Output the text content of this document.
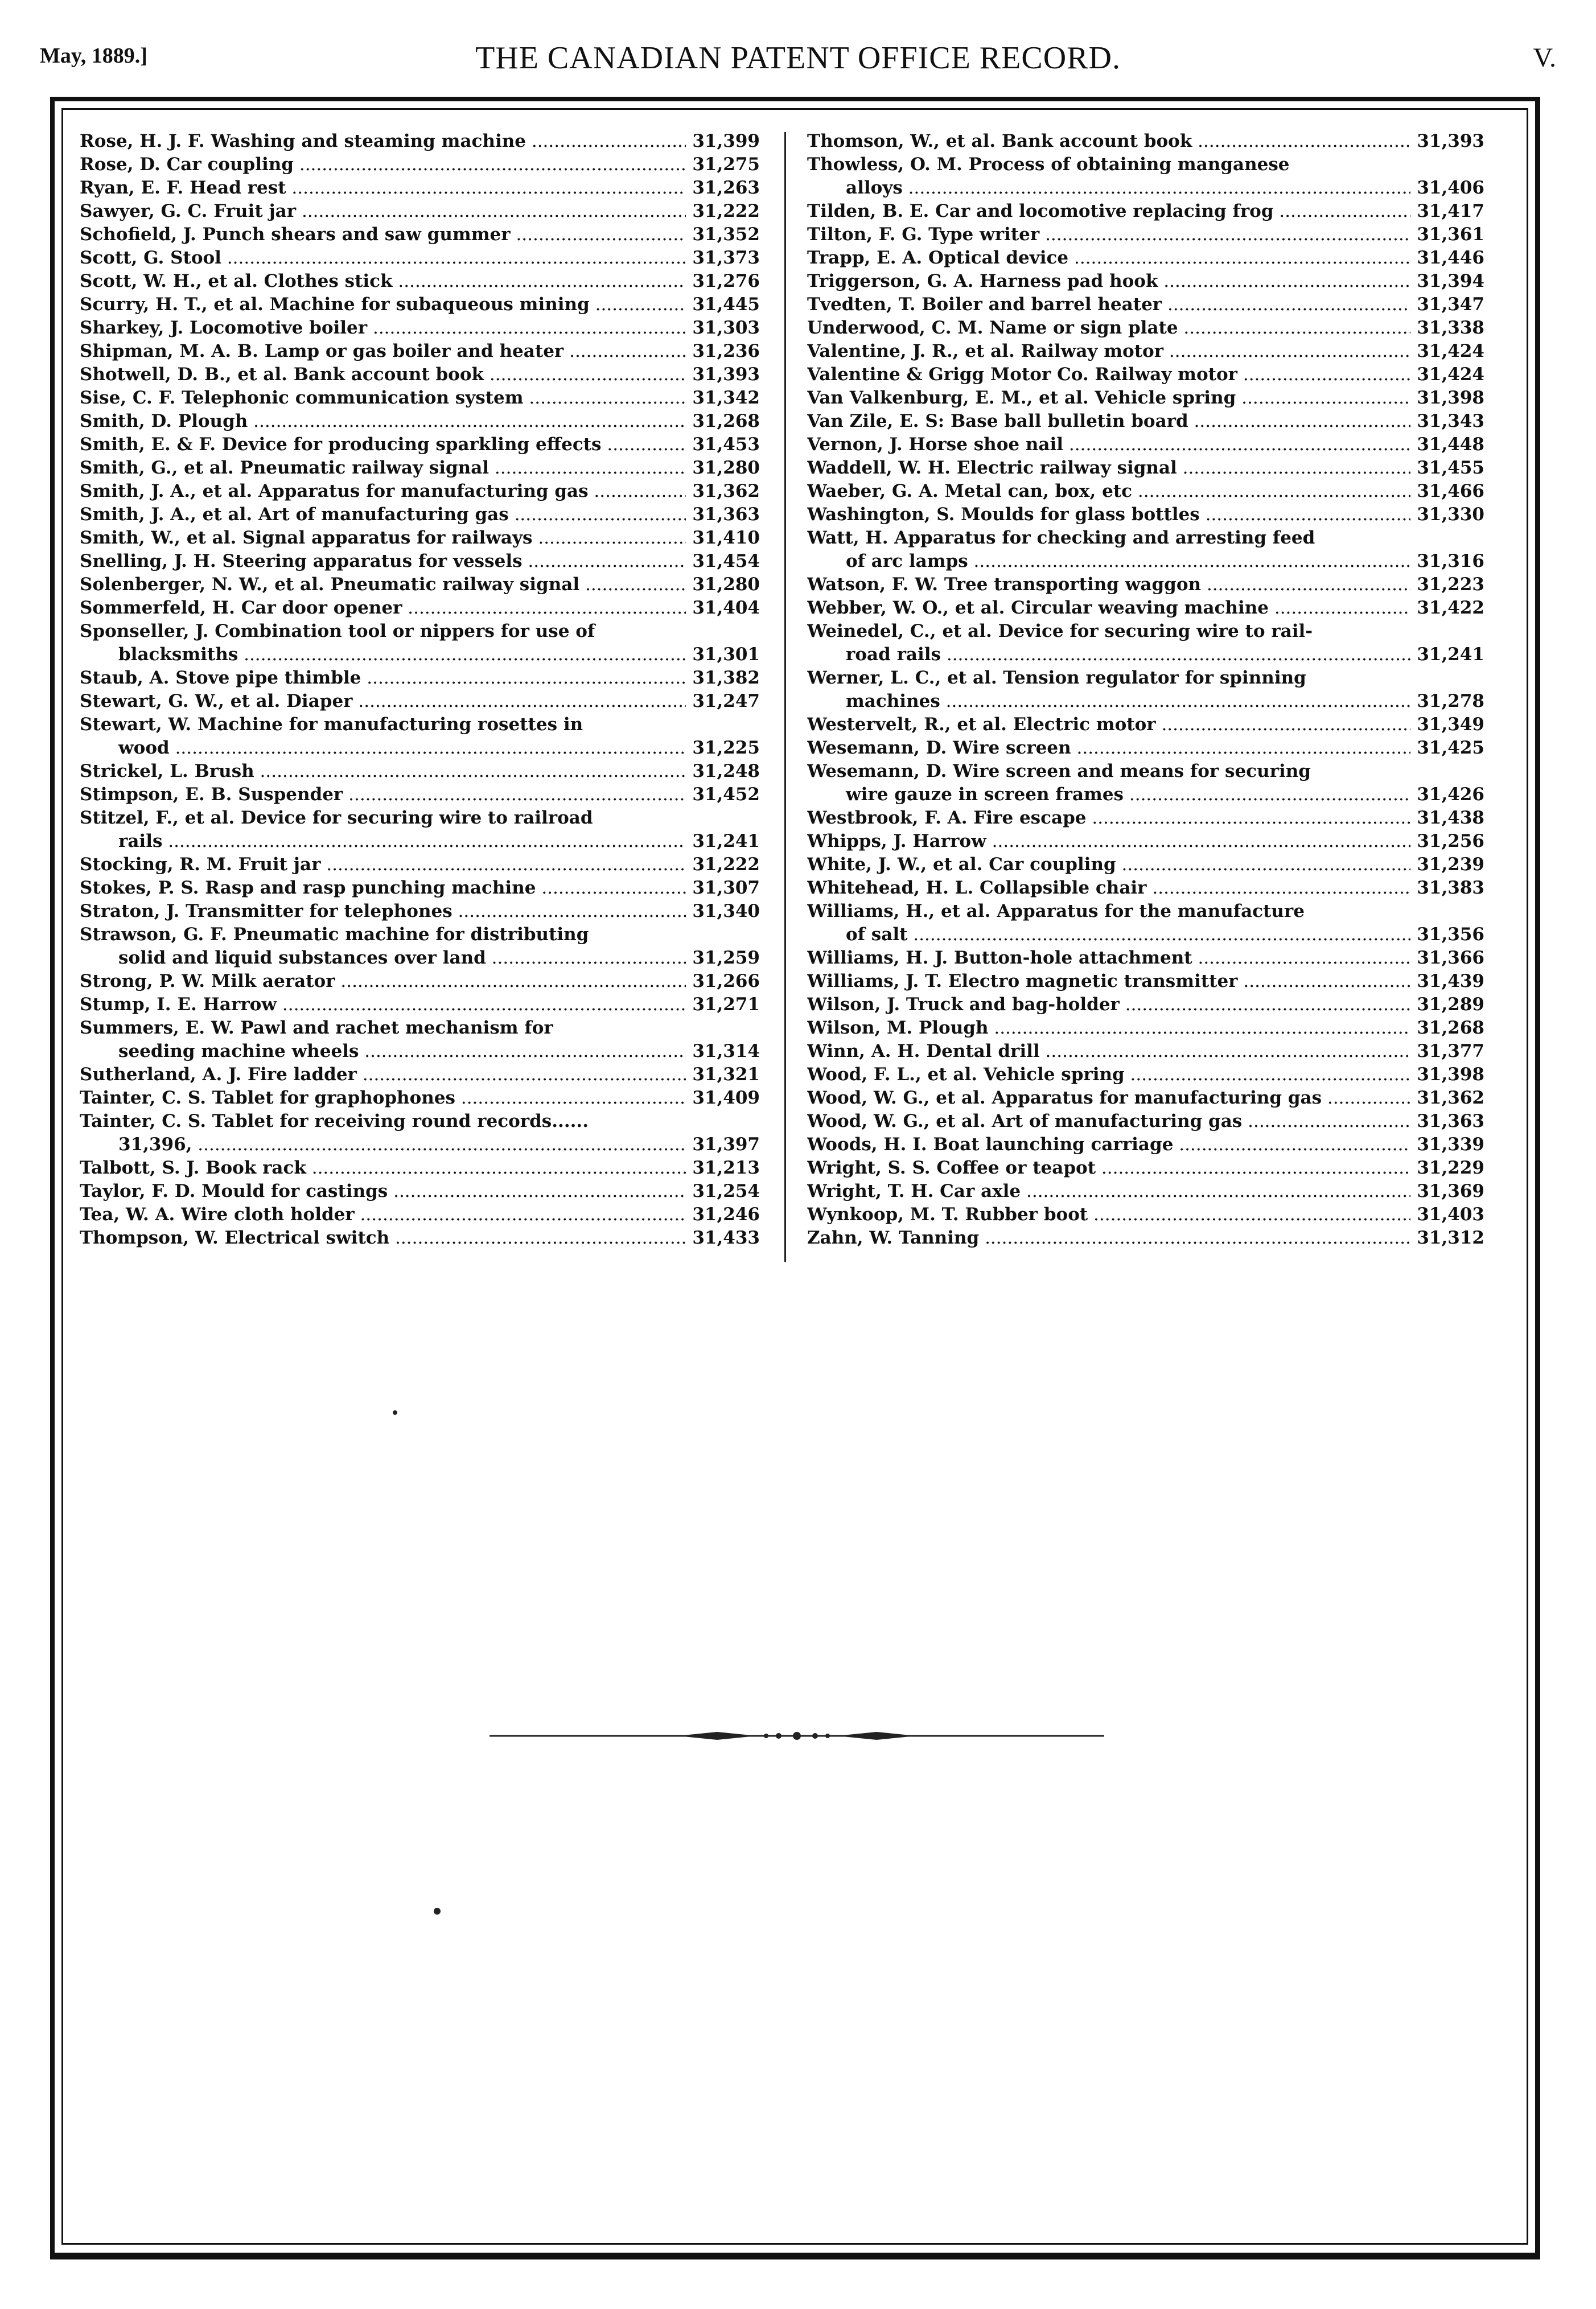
May, 1889.]	THE CANADIAN PATENT OFFICE RECORD.	V.
Rose, H. J. F. Washing and steaming machine .....	31,399
Rose, D. Car coupling .....	31,275
Ryan, E. F. Head rest .....	31,263
Sawyer, G. C. Fruit jar .....	31,222
Schofield, J. Punch shears and saw gummer .....	31,352
Scott, G. Stool .....	31,373
Scott, W. H., et al. Clothes stick .....	31,276
Scurry, H. T., et al. Machine for subaqueous mining .....	31,445
Sharkey, J. Locomotive boiler .....	31,303
Shipman, M. A. B. Lamp or gas boiler and heater .....	31,236
Shotwell, D. B., et al. Bank account book .....	31,393
Sise, C. F. Telephonic communication system .....	31,342
Smith, D. Plough .....	31,268
Smith, E. & F. Device for producing sparkling effects .....	31,453
Smith, G., et al. Pneumatic railway signal .....	31,280
Smith, J. A., et al. Apparatus for manufacturing gas .....	31,362
Smith, J. A., et al. Art of manufacturing gas .....	31,363
Smith, W., et al. Signal apparatus for railways .....	31,410
Snelling, J. H. Steering apparatus for vessels .....	31,454
Solenberger, N. W., et al. Pneumatic railway signal .....	31,280
Sommerfeld, H. Car door opener .....	31,404
Sponseller, J. Combination tool or nippers for use of
blacksmiths .....	31,301
Staub, A. Stove pipe thimble .....	31,382
Stewart, G. W., et al. Diaper .....	31,247
Stewart, W. Machine for manufacturing rosettes in
wood .....	31,225
Strickel, L. Brush .....	31,248
Stimpson, E. B. Suspender .....	31,452
Stitzel, F., et al. Device for securing wire to railroad
rails .....	31,241
Stocking, R. M. Fruit jar .....	31,222
Stokes, P. S. Rasp and rasp punching machine .....	31,307
Straton, J. Transmitter for telephones .....	31,340
Strawson, G. F. Pneumatic machine for distributing
solid and liquid substances over land .....	31,259
Strong, P. W. Milk aerator .....	31,266
Stump, I. E. Harrow .....	31,271
Summers, E. W. Pawl and rachet mechanism for
seeding machine wheels .....	31,314
Sutherland, A. J. Fire ladder .....	31,321
Tainter, C. S. Tablet for graphophones .....	31,409
Tainter, C. S. Tablet for receiving round records......
31,396, .....	31,397
Talbott, S. J. Book rack .....	31,213
Taylor, F. D. Mould for castings .....	31,254
Tea, W. A. Wire cloth holder .....	31,246
Thompson, W. Electrical switch .....	31,433
Thomson, W., et al. Bank account book .....	31,393
Thowless, O. M. Process of obtaining manganese
alloys .....	31,406
Tilden, B. E. Car and locomotive replacing frog .....	31,417
Tilton, F. G. Type writer .....	31,361
Trapp, E. A. Optical device .....	31,446
Triggerson, G. A. Harness pad hook .....	31,394
Tvedten, T. Boiler and barrel heater .....	31,347
Underwood, C. M. Name or sign plate .....	31,338
Valentine, J. R., et al. Railway motor .....	31,424
Valentine & Grigg Motor Co. Railway motor .....	31,424
Van Valkenburg, E. M., et al. Vehicle spring .....	31,398
Van Zile, E. S: Base ball bulletin board .....	31,343
Vernon, J. Horse shoe nail .....	31,448
Waddell, W. H. Electric railway signal .....	31,455
Waeber, G. A. Metal can, box, etc .....	31,466
Washington, S. Moulds for glass bottles .....	31,330
Watt, H. Apparatus for checking and arresting feed
of arc lamps .....	31,316
Watson, F. W. Tree transporting waggon .....	31,223
Webber, W. O., et al. Circular weaving machine .....	31,422
Weinedel, C., et al. Device for securing wire to rail-
road rails .....	31,241
Werner, L. C., et al. Tension regulator for spinning
machines .....	31,278
Westervelt, R., et al. Electric motor .....	31,349
Wesemann, D. Wire screen .....	31,425
Wesemann, D. Wire screen and means for securing
wire gauze in screen frames .....	31,426
Westbrook, F. A. Fire escape .....	31,438
Whipps, J. Harrow .....	31,256
White, J. W., et al. Car coupling .....	31,239
Whitehead, H. L. Collapsible chair .....	31,383
Williams, H., et al. Apparatus for the manufacture
of salt .....	31,356
Williams, H. J. Button-hole attachment .....	31,366
Williams, J. T. Electro magnetic transmitter .....	31,439
Wilson, J. Truck and bag-holder .....	31,289
Wilson, M. Plough .....	31,268
Winn, A. H. Dental drill .....	31,377
Wood, F. L., et al. Vehicle spring .....	31,398
Wood, W. G., et al. Apparatus for manufacturing gas .....	31,362
Wood, W. G., et al. Art of manufacturing gas .....	31,363
Woods, H. I. Boat launching carriage .....	31,339
Wright, S. S. Coffee or teapot .....	31,229
Wright, T. H. Car axle .....	31,369
Wynkoop, M. T. Rubber boot .....	31,403
Zahn, W. Tanning .....	31,312
